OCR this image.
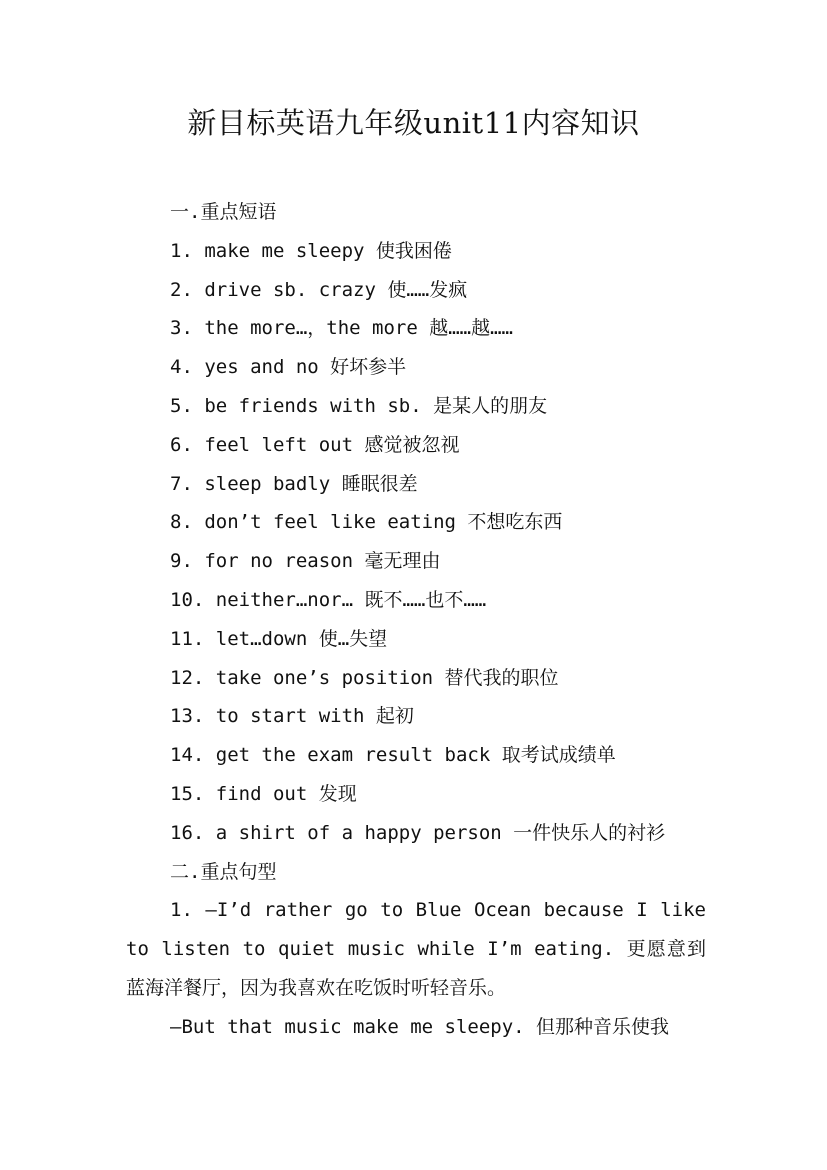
新目标英语九年级unit11内容知识
一.重点短语
1. make me sleepy 使我困倦
2. drive sb. crazy 使……发疯
3. the more…，the more 越……越……
4. yes and no 好坏参半
5. be friends with sb. 是某人的朋友
6. feel left out 感觉被忽视
7. sleep badly 睡眠很差
8. don’t feel like eating 不想吃东西
9. for no reason 毫无理由
10. neither…nor… 既不……也不……
11. let…down 使…失望
12. take one’s position 替代我的职位
13. to start with 起初
14. get the exam result back 取考试成绩单
15. find out 发现
16. a shirt of a happy person 一件快乐人的衬衫
二.重点句型

1. —I’d rather go to Blue Ocean because I like to listen to quiet music while I’m eating. 更愿意到蓝海洋餐厅，因为我喜欢在吃饭时听轻音乐。

—But that music make me sleepy. 但那种音乐使我
